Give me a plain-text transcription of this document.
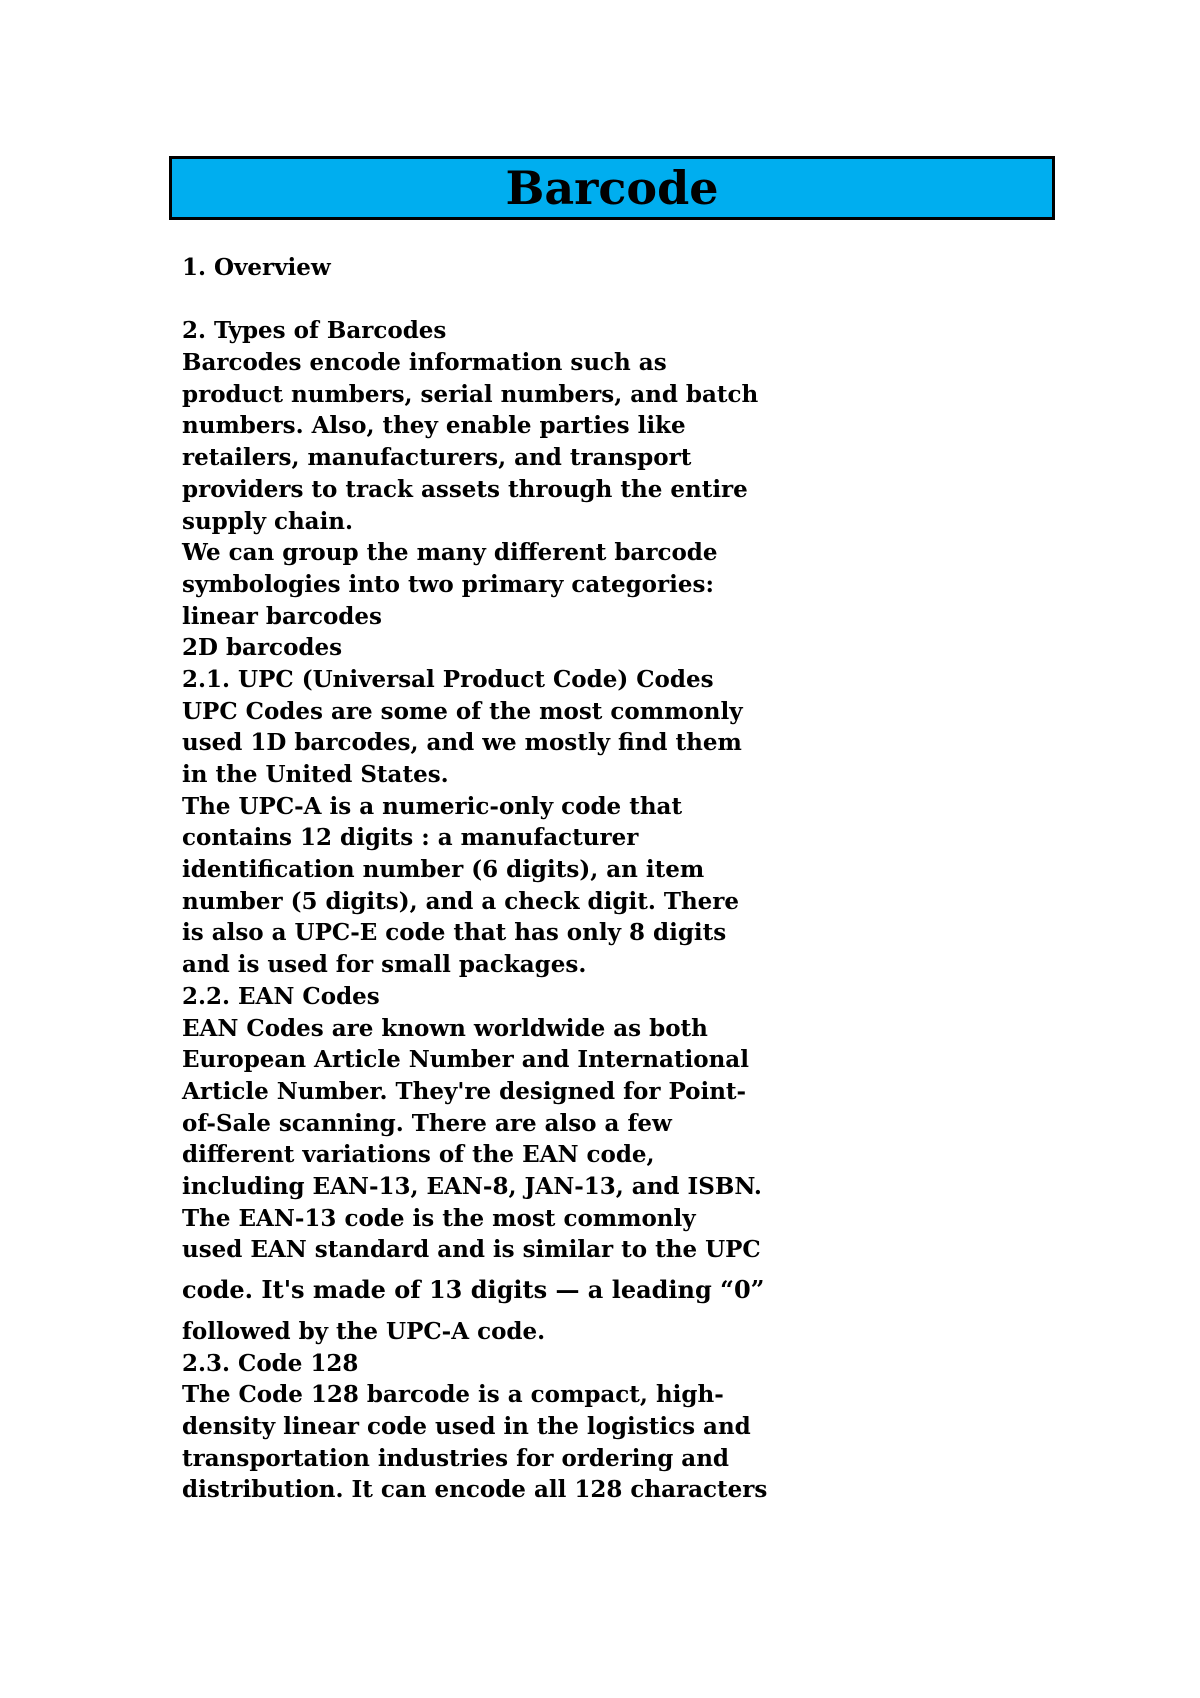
Barcode
1. Overview
2. Types of Barcodes
Barcodes encode information such as
product numbers, serial numbers, and batch
numbers. Also, they enable parties like
retailers, manufacturers, and transport
providers to track assets through the entire
supply chain.
We can group the many different barcode
symbologies into two primary categories:
linear barcodes
2D barcodes
2.1. UPC (Universal Product Code) Codes
UPC Codes are some of the most commonly
used 1D barcodes, and we mostly find them
in the United States.
The UPC-A is a numeric-only code that
contains 12 digits : a manufacturer
identification number (6 digits), an item
number (5 digits), and a check digit. There
is also a UPC-E code that has only 8 digits
and is used for small packages.
2.2. EAN Codes
EAN Codes are known worldwide as both
European Article Number and International
Article Number. They're designed for Point-
of-Sale scanning. There are also a few
different variations of the EAN code,
including EAN-13, EAN-8, JAN-13, and ISBN.
The EAN-13 code is the most commonly
used EAN standard and is similar to the UPC
code. It's made of 13 digits — a leading “0”
followed by the UPC-A code.
2.3. Code 128
The Code 128 barcode is a compact, high-
density linear code used in the logistics and
transportation industries for ordering and
distribution. It can encode all 128 characters
